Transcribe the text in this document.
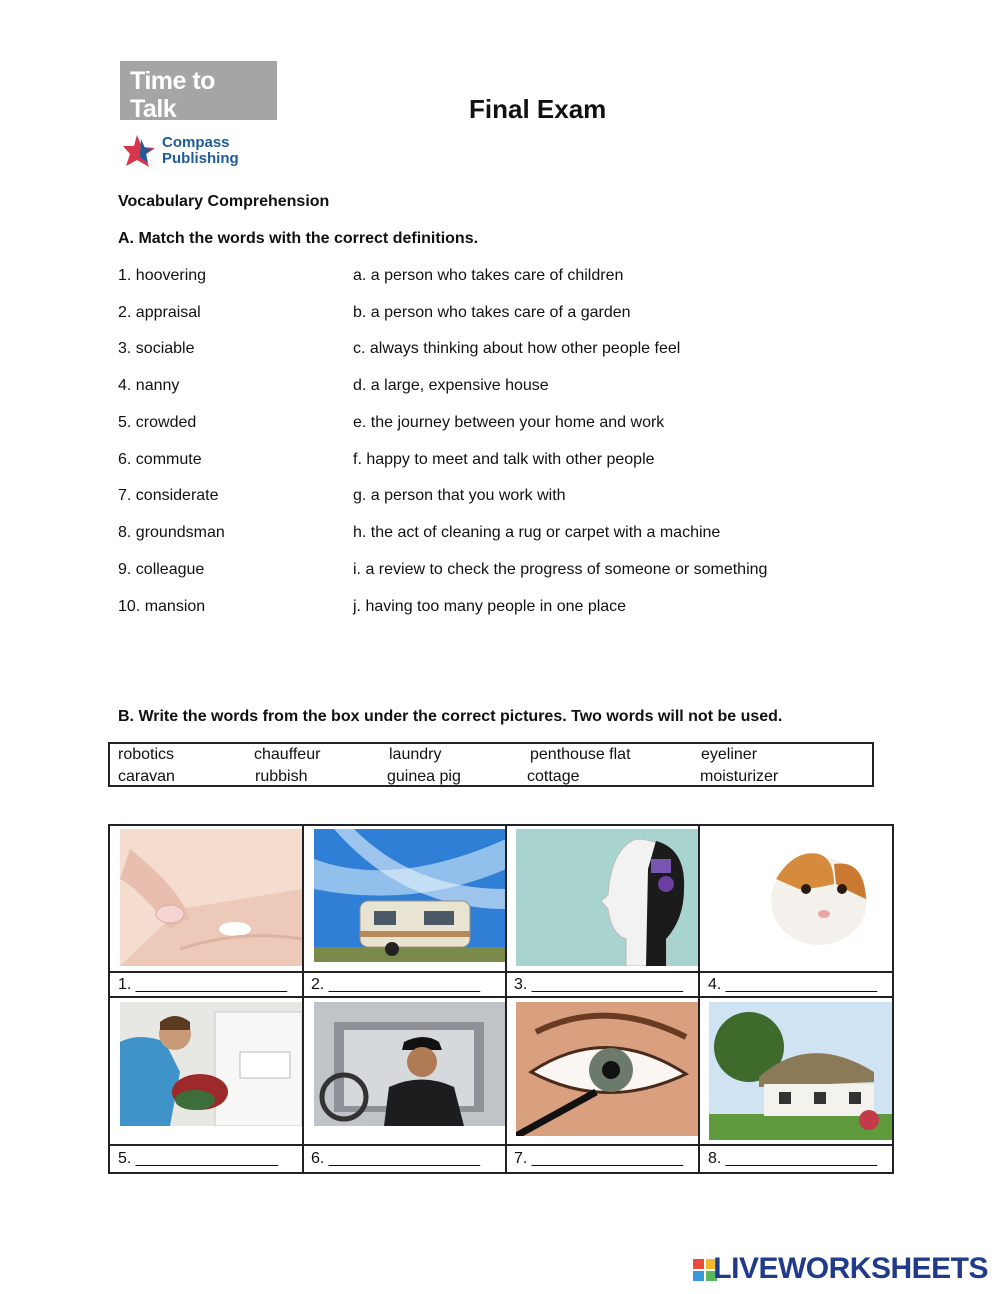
Time to Talk
21st Century Communication Skills
Compass
Publishing
Final Exam
Vocabulary Comprehension
A. Match the words with the correct definitions.
1. hoovering	a. a person who takes care of children
2. appraisal	b. a person who takes care of a garden
3. sociable	c. always thinking about how other people feel
4. nanny	d. a large, expensive house
5. crowded	e. the journey between your home and work
6. commute	f. happy to meet and talk with other people
7. considerate	g. a person that you work with
8. groundsman	h. the act of cleaning a rug or carpet with a machine
9. colleague	i. a review to check the progress of someone or something
10. mansion	j. having too many people in one place
B. Write the words from the box under the correct pictures. Two words will not be used.
robotics	chauffeur	laundry	penthouse flat	eyeliner
caravan	rubbish	guinea pig	cottage	moisturizer
1. _________________ 2. _________________ 3. _________________ 4. _________________
5. ________________ 6. _________________ 7. _________________ 8. _________________
LIVEWORKSHEETS
